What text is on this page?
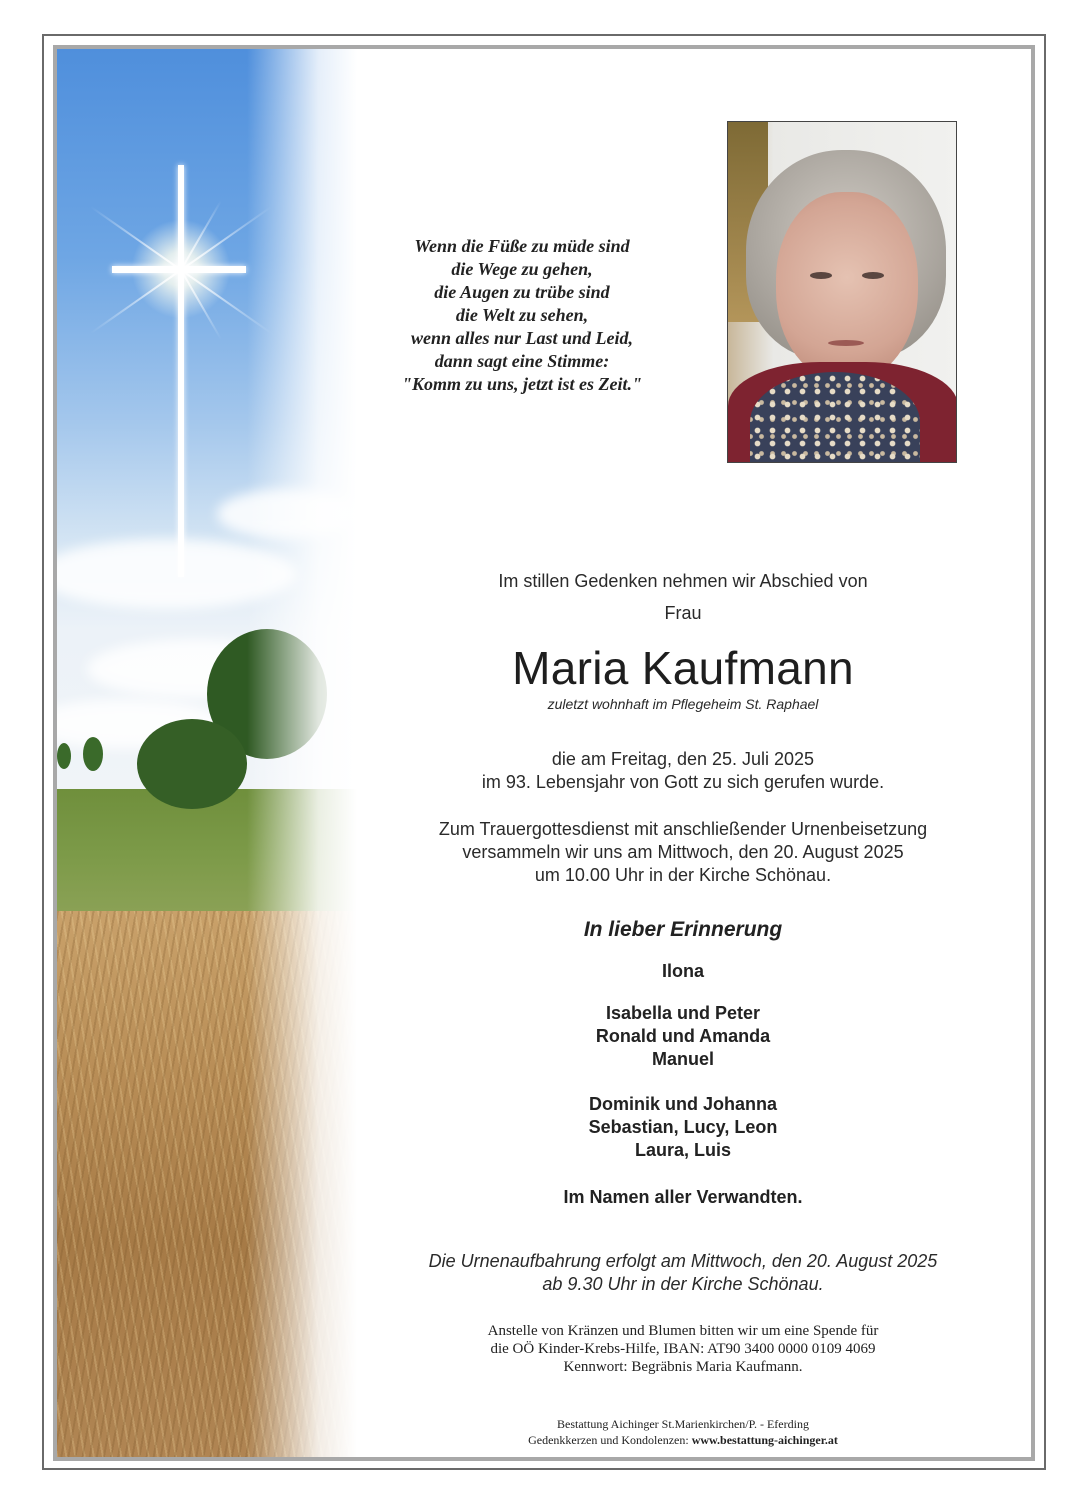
Wenn die Füße zu müde sind
die Wege zu gehen,
die Augen zu trübe sind
die Welt zu sehen,
wenn alles nur Last und Leid,
dann sagt eine Stimme:
"Komm zu uns, jetzt ist es Zeit."
Im stillen Gedenken nehmen wir Abschied von
Frau
Maria Kaufmann
zuletzt wohnhaft im Pflegeheim St. Raphael
die am Freitag, den 25. Juli 2025
im 93. Lebensjahr von Gott zu sich gerufen wurde.
Zum Trauergottesdienst mit anschließender Urnenbeisetzung
versammeln wir uns am Mittwoch, den 20. August 2025
um 10.00 Uhr in der Kirche Schönau.
In lieber Erinnerung
Ilona
Isabella und Peter
Ronald und Amanda
Manuel
Dominik und Johanna
Sebastian, Lucy, Leon
Laura, Luis
Im Namen aller Verwandten.
Die Urnenaufbahrung erfolgt am Mittwoch, den 20. August 2025
ab 9.30 Uhr in der Kirche Schönau.
Anstelle von Kränzen und Blumen bitten wir um eine Spende für
die OÖ Kinder-Krebs-Hilfe, IBAN: AT90 3400 0000 0109 4069
Kennwort: Begräbnis Maria Kaufmann.
Bestattung Aichinger St.Marienkirchen/P. - Eferding
Gedenkkerzen und Kondolenzen: www.bestattung-aichinger.at
